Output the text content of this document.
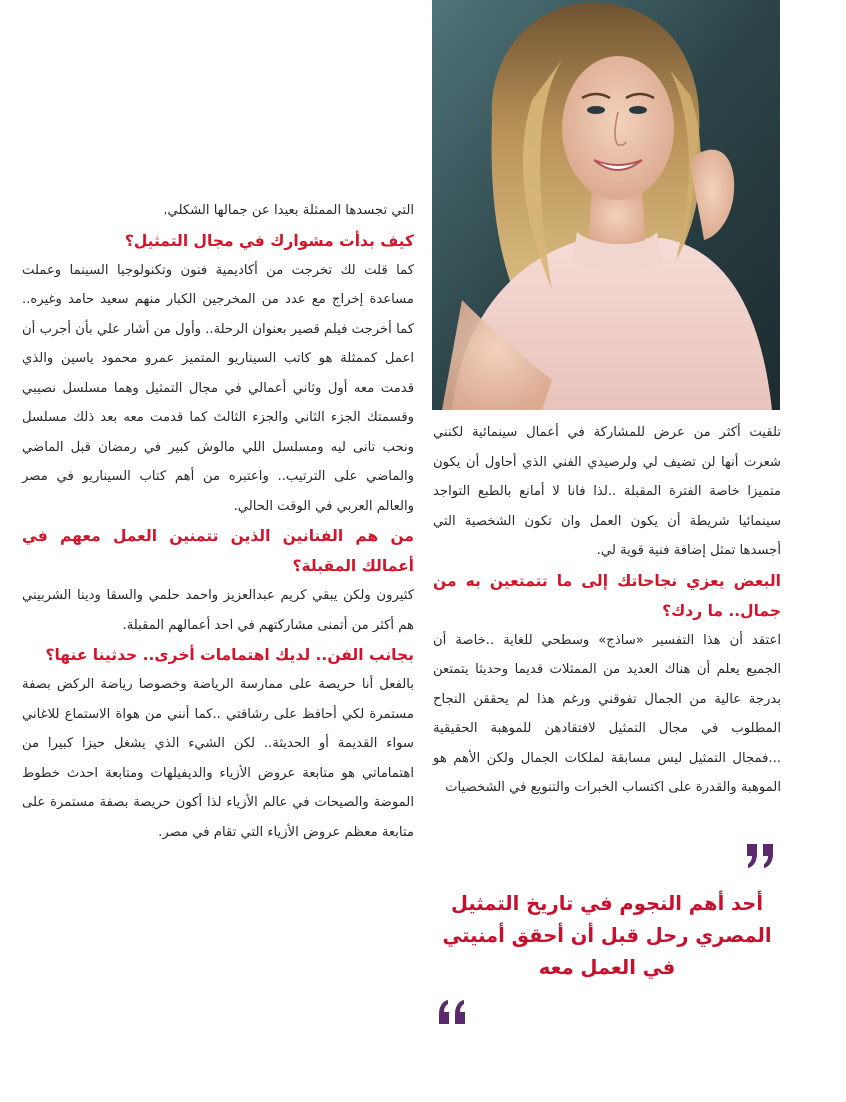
التي تجسدها الممثلة بعيدا عن جمالها الشكلي.

كيف بدأت مشوارك في مجال التمثيل؟

كما قلت لك تخرجت من أكاديمية فنون وتكنولوجيا السينما وعملت مساعدة إخراج مع عدد من المخرجين الكبار منهم سعيد حامد وغيره.. كما أخرجت فيلم قصير بعنوان الرحلة.. وأول من أشار علي بأن أجرب أن اعمل كممثلة هو كاتب السيناريو المتميز عمرو محمود ياسين والذي قدمت معه أول وثاني أعمالي في مجال التمثيل وهما مسلسل نصيبي وقسمتك الجزء الثاني والجزء الثالث كما قدمت معه بعد ذلك مسلسل ونحب تانى ليه ومسلسل اللي مالوش كبير في رمضان قبل الماضي والماضي على الترتيب.. واعتبره من أهم كتاب السيناريو في مصر والعالم العربي في الوقت الحالي.

من هم الفنانين الذين تتمنين العمل معهم في أعمالك المقبلة؟

كثيرون ولكن يبقي كريم عبدالعزيز واحمد حلمي والسقا ودينا الشربيني هم أكثر من أتمنى مشاركتهم في احد أعمالهم المقبلة.

بجانب الفن.. لديك اهتمامات أخرى.. حدثينا عنها؟

بالفعل أنا حريصة على ممارسة الرياضة وخصوصا رياضة الركض بصفة مستمرة لكي أحافظ على رشاقتي ..كما أنني من هواة الاستماع للاغاني سواء القديمة أو الحديثة.. لكن الشيء الذي يشغل حيزا كبيرا من اهتماماتي هو متابعة عروض الأزياء والديفيلهات ومتابعة احدث خطوط الموضة والصيحات في عالم الأزياء لذا أكون حريصة بصفة مستمرة على متابعة معظم عروض الأزياء التي تقام في مصر.

تلقيت أكثر من عرض للمشاركة في أعمال سينمائية لكنني شعرت أنها لن تضيف لي ولرصيدي الفني الذي أحاول أن يكون متميزا خاصة الفترة المقبلة ..لذا فانا لا أمانع بالطبع التواجد سينمائيا شريطة أن يكون العمل وان تكون الشخصية التي أجسدها تمثل إضافة فنية قوية لي.

البعض يعزي نجاحاتك إلى ما تتمتعين به من جمال.. ما ردك؟

اعتقد أن هذا التفسير «ساذج» وسطحي للغاية ..خاصة أن الجميع يعلم أن هناك العديد من الممثلات قديما وحديثا يتمتعن بدرجة عالية من الجمال تفوقني ورغم هذا لم يحققن النجاح المطلوب في مجال التمثيل لافتقادهن للموهبة الحقيقية ...فمجال التمثيل ليس مسابقة لملكات الجمال ولكن الأهم هو الموهبة والقدرة على اكتساب الخبرات والتنويع في الشخصيات

أحد أهم النجوم في تاريخ التمثيل المصري رحل قبل أن أحقق أمنيتي في العمل معه
